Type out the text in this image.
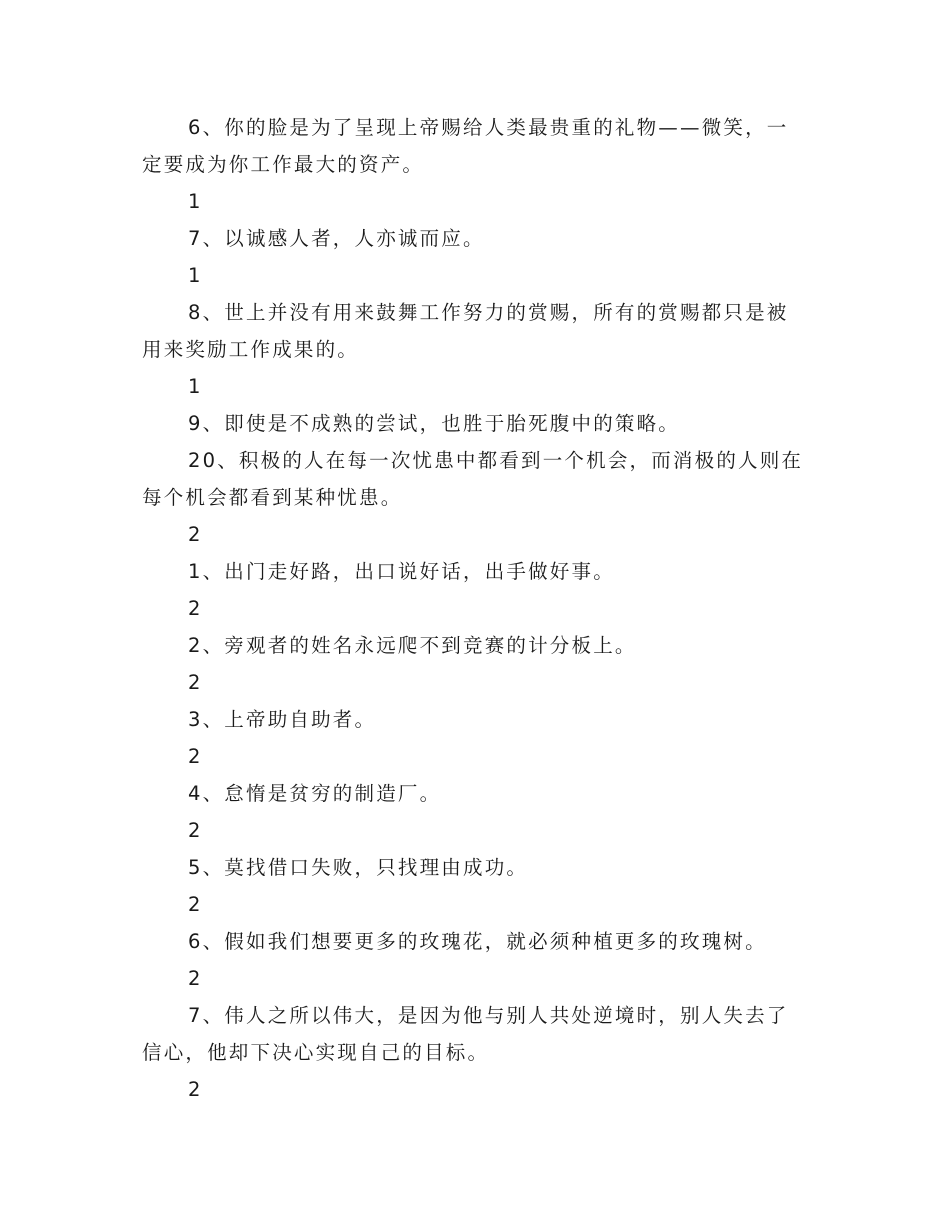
6、你的脸是为了呈现上帝赐给人类最贵重的礼物——微笑，一定要成为你工作最大的资产。

1

7、以诚感人者，人亦诚而应。

1

8、世上并没有用来鼓舞工作努力的赏赐，所有的赏赐都只是被用来奖励工作成果的。

1

9、即使是不成熟的尝试，也胜于胎死腹中的策略。

20、积极的人在每一次忧患中都看到一个机会，而消极的人则在每个机会都看到某种忧患。

2

1、出门走好路，出口说好话，出手做好事。

2

2、旁观者的姓名永远爬不到竞赛的计分板上。

2

3、上帝助自助者。

2

4、怠惰是贫穷的制造厂。

2

5、莫找借口失败，只找理由成功。

2

6、假如我们想要更多的玫瑰花，就必须种植更多的玫瑰树。

2

7、伟人之所以伟大，是因为他与别人共处逆境时，别人失去了信心，他却下决心实现自己的目标。

2
